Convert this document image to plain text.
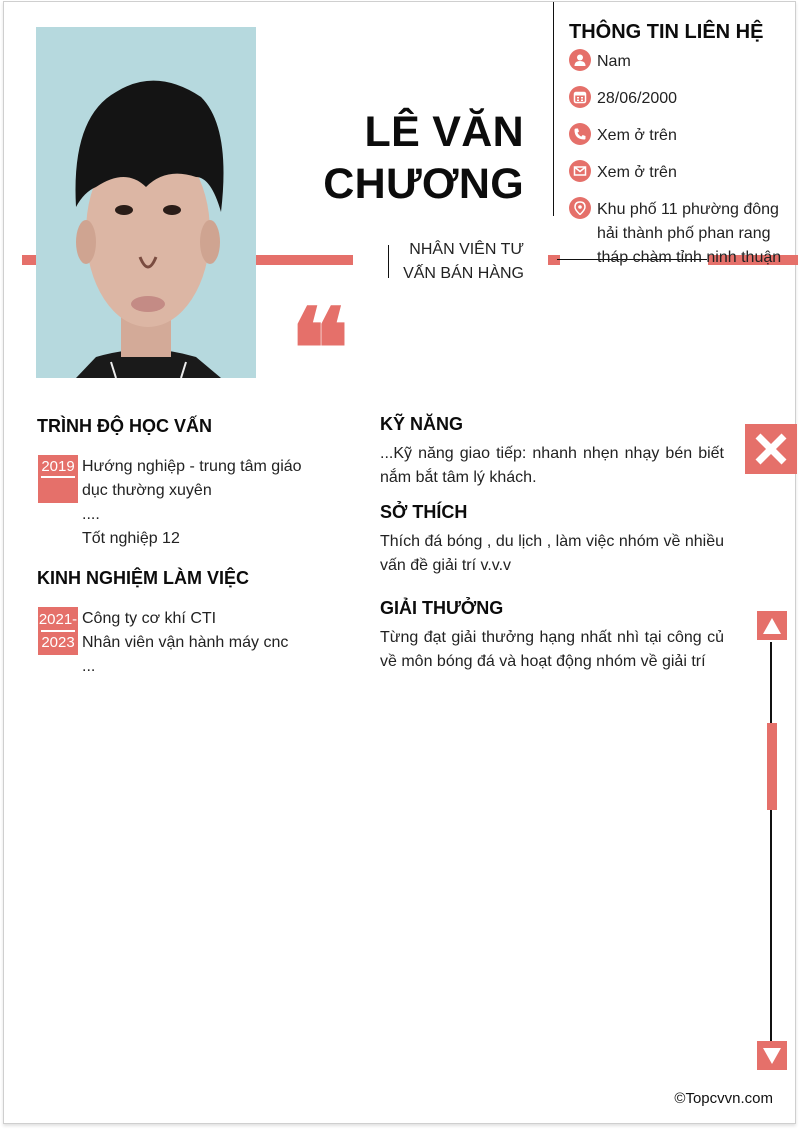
LÊ VĂN
CHƯƠNG
NHÂN VIÊN TƯ
VẤN BÁN HÀNG
❝
THÔNG TIN LIÊN HỆ
Nam
28/06/2000
Xem ở trên
Xem ở trên
Khu phố 11 phường đông hải thành phố phan rang tháp chàm tỉnh ninh thuận
TRÌNH ĐỘ HỌC VẤN
2019 Hướng nghiệp - trung tâm giáo
dục thường xuyên
....
Tốt nghiệp 12
KINH NGHIỆM LÀM VIỆC
2021-
2023
Công ty cơ khí CTI
Nhân viên vận hành máy cnc
...
KỸ NĂNG
...Kỹ năng giao tiếp: nhanh nhẹn nhạy bén biết nắm bắt tâm lý khách.
SỞ THÍCH
Thích đá bóng , du lịch , làm việc nhóm về nhiều vấn đề giải trí v.v.v
GIẢI THƯỞNG
Từng đạt giải thưởng hạng nhất nhì tại công củ về môn bóng đá và hoạt động nhóm về giải trí
©Topcvvn.com
